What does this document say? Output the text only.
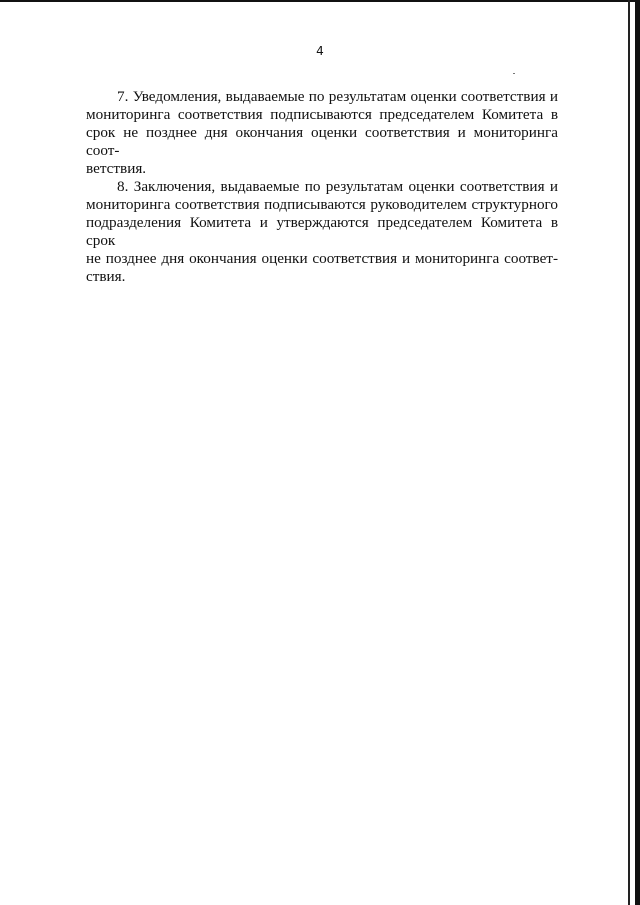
4
7. Уведомления, выдаваемые по результатам оценки соответствия и
мониторинга соответствия подписываются председателем Комитета в
срок не позднее дня окончания оценки соответствия и мониторинга соот-
ветствия.
8. Заключения, выдаваемые по результатам оценки соответствия и
мониторинга соответствия подписываются руководителем структурного
подразделения Комитета и утверждаются председателем Комитета в срок
не позднее дня окончания оценки соответствия и мониторинга соответ-
ствия.
